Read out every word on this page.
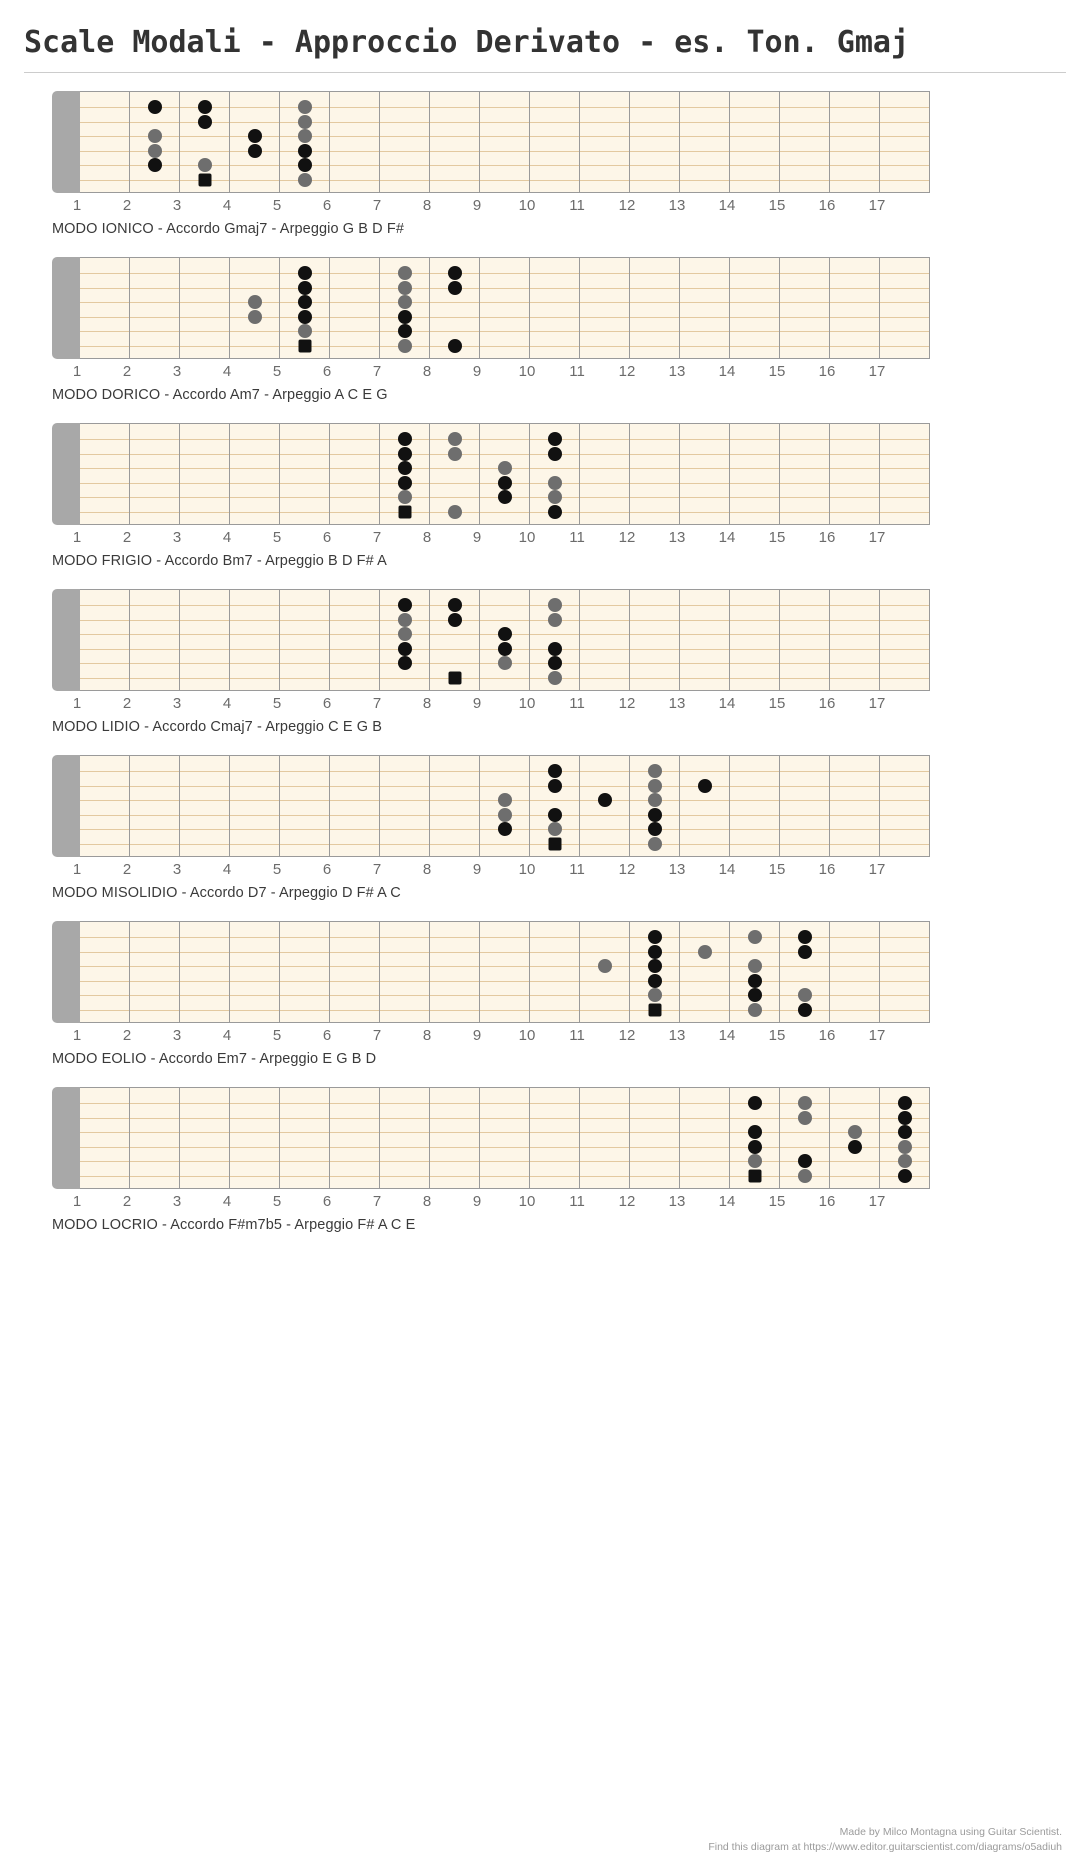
Scale Modali - Approccio Derivato - es. Ton. Gmaj
1	2	3	4	5	6	7	8	9 10 11 12 13 14 15 16 17
MODO IONICO - Accordo Gmaj7 - Arpeggio G B D F#
1	2	3	4	5	6	7	8	9 10 11 12 13 14 15 16 17
MODO DORICO - Accordo Am7 - Arpeggio A C E G
1	2	3	4	5	6	7	8	9 10 11 12 13 14 15 16 17
MODO FRIGIO - Accordo Bm7 - Arpeggio B D F# A
1	2	3	4	5	6	7	8	9 10 11 12 13 14 15 16 17
MODO LIDIO - Accordo Cmaj7 - Arpeggio C E G B
1	2	3	4	5	6	7	8	9 10 11 12 13 14 15 16 17
MODO MISOLIDIO - Accordo D7 - Arpeggio D F# A C
1	2	3	4	5	6	7	8	9 10 11 12 13 14 15 16 17
MODO EOLIO - Accordo Em7 - Arpeggio E G B D
1	2	3	4	5	6	7	8	9 10 11 12 13 14 15 16 17
MODO LOCRIO - Accordo F#m7b5 - Arpeggio F# A C E
Made by Milco Montagna using Guitar Scientist.
Find this diagram at https://www.editor.guitarscientist.com/diagrams/o5adiuh
